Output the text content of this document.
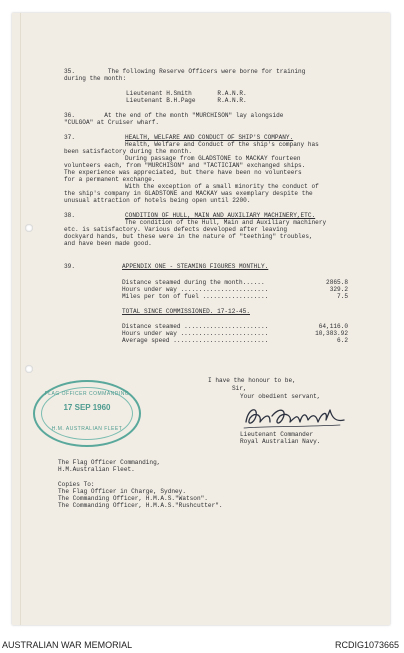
35.         The following Reserve Officers were borne for training
during the month:
Lieutenant H.Smith       R.A.N.R.
Lieutenant B.H.Page      R.A.N.R.
36.        At the end of the month "MURCHISON" lay alongside
"CULGOA" at Cruiser wharf.
37.	HEALTH, WELFARE AND CONDUCT OF SHIP'S COMPANY.
Health, Welfare and Conduct of the ship's company has
been satisfactory during the month.
During passage from GLADSTONE to MACKAY fourteen
volunteers each, from "MURCHISON" and "TACTICIAN" exchanged ships.
The experience was appreciated, but there have been no volunteers
for a permanent exchange.
With the exception of a small minority the conduct of
the ship's company in GLADSTONE and MACKAY was exemplary despite the
unusual attraction of hotels being open until 2200.
38.	CONDITION OF HULL, MAIN AND AUXILIARY MACHINERY,ETC.
The condition of the Hull, Main and Auxiliary machinery
etc. is satisfactory. Various defects developed after leaving
dockyard hands, but these were in the nature of "teething" troubles,
and have been made good.
39.	APPENDIX ONE - STEAMING FIGURES MONTHLY.
Distance steamed during the month......	2865.8
Hours under way ........................	329.2
Miles per ton of fuel ..................	7.5
TOTAL SINCE COMMISSIONED. 17-12-45.
Distance steamed .......................	64,116.0
Hours under way ........................	10,383.92
Average speed ..........................	6.2
I have the honour to be,
Sir,
Your obedient servant,
Lieutenant Commander
Royal Australian Navy.
FLAG OFFICER COMMANDING
17 SEP 1960
H.M. AUSTRALIAN FLEET
The Flag Officer Commanding,
H.M.Australian Fleet.
Copies To:
The Flag Officer in Charge, Sydney.
The Commanding Officer, H.M.A.S."Watson".
The Commanding Officer, H.M.A.S."Rushcutter".
AUSTRALIAN WAR MEMORIAL	RCDIG1073665
